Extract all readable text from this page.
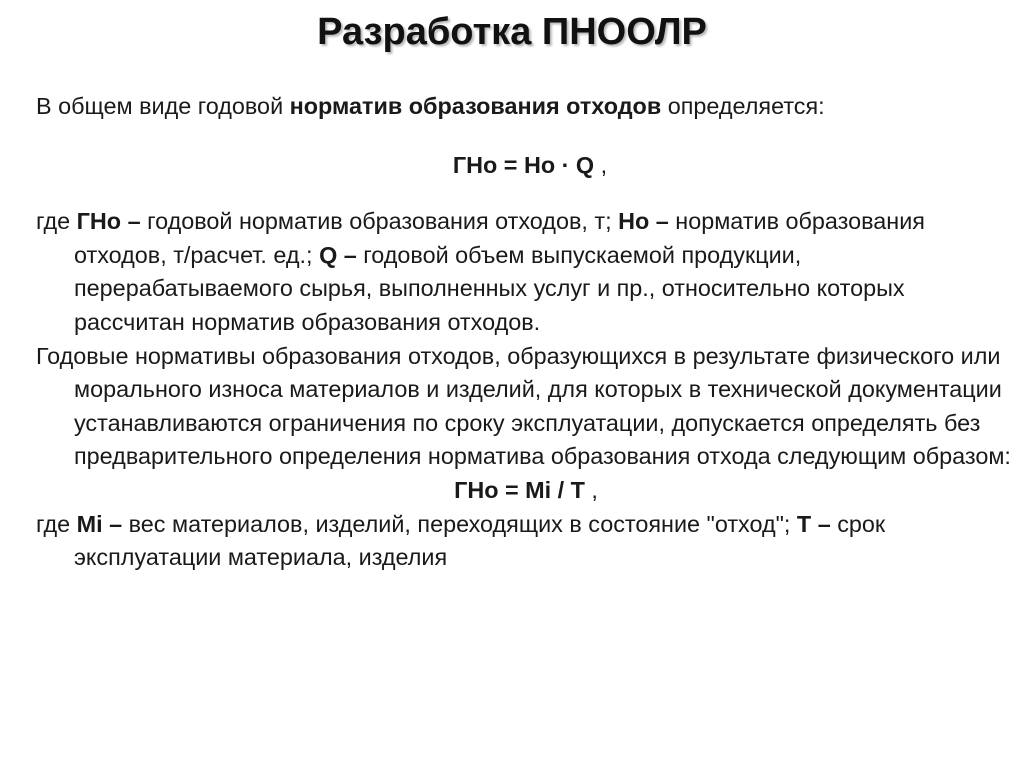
Разработка ПНООЛР

В общем виде годовой норматив образования отходов определяется:

ГНо = Но · Q ,

где ГНо – годовой норматив образования отходов, т; Но – норматив образования отходов, т/расчет. ед.; Q – годовой объем выпускаемой продукции, перерабатываемого сырья, выполненных услуг и пр., относительно которых рассчитан норматив образования отходов.

Годовые нормативы образования отходов, образующихся в результате физического или морального износа материалов и изделий, для которых в технической документации устанавливаются ограничения по сроку эксплуатации, допускается определять без предварительного определения норматива образования отхода следующим образом:

ГНо = Мi / Т ,

где Мi – вес материалов, изделий, переходящих в состояние "отход"; Т – срок эксплуатации материала, изделия
